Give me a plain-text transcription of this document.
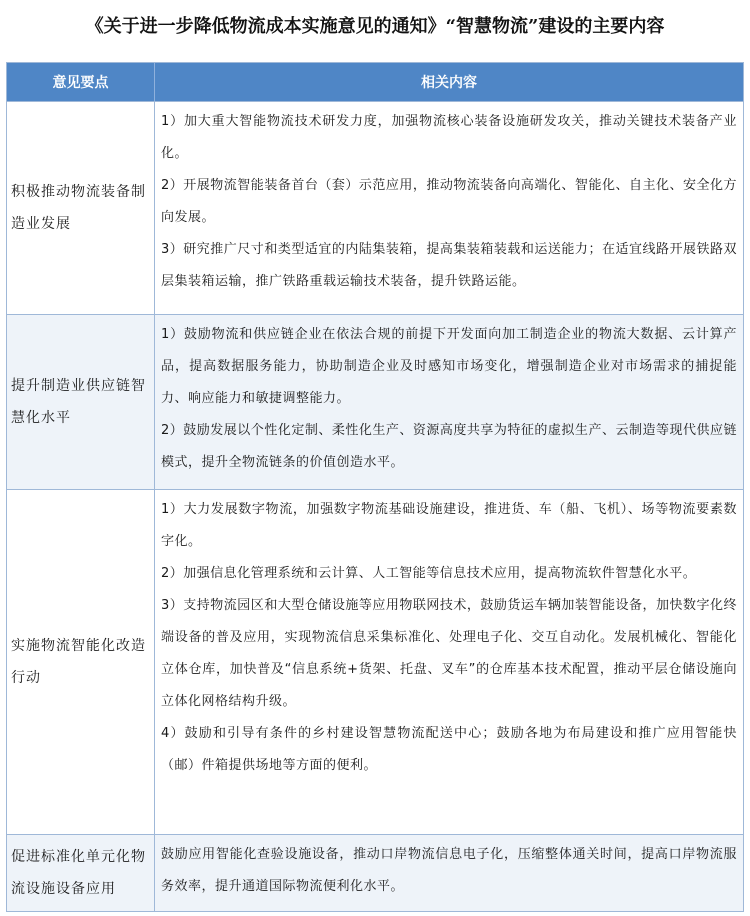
《关于进一步降低物流成本实施意见的通知》“智慧物流”建设的主要内容
意见要点	相关内容
积极推动物流装备制造业发展

1）加大重大智能物流技术研发力度，加强物流核心装备设施研发攻关，推动关键技术装备产业化。

2）开展物流智能装备首台（套）示范应用，推动物流装备向高端化、智能化、自主化、安全化方向发展。

3）研究推广尺寸和类型适宜的内陆集装箱，提高集装箱装载和运送能力；在适宜线路开展铁路双层集装箱运输，推广铁路重载运输技术装备，提升铁路运能。

提升制造业供应链智慧化水平

1）鼓励物流和供应链企业在依法合规的前提下开发面向加工制造企业的物流大数据、云计算产品，提高数据服务能力，协助制造企业及时感知市场变化，增强制造企业对市场需求的捕捉能力、响应能力和敏捷调整能力。

2）鼓励发展以个性化定制、柔性化生产、资源高度共享为特征的虚拟生产、云制造等现代供应链模式，提升全物流链条的价值创造水平。

实施物流智能化改造行动

1）大力发展数字物流，加强数字物流基础设施建设，推进货、车（船、飞机）、场等物流要素数字化。

2）加强信息化管理系统和云计算、人工智能等信息技术应用，提高物流软件智慧化水平。

3）支持物流园区和大型仓储设施等应用物联网技术，鼓励货运车辆加装智能设备，加快数字化终端设备的普及应用，实现物流信息采集标准化、处理电子化、交互自动化。发展机械化、智能化立体仓库，加快普及“信息系统+货架、托盘、叉车”的仓库基本技术配置，推动平层仓储设施向立体化网格结构升级。

4）鼓励和引导有条件的乡村建设智慧物流配送中心；鼓励各地为布局建设和推广应用智能快（邮）件箱提供场地等方面的便利。

促进标准化单元化物流设施设备应用

鼓励应用智能化查验设施设备，推动口岸物流信息电子化，压缩整体通关时间，提高口岸物流服务效率，提升通道国际物流便利化水平。
